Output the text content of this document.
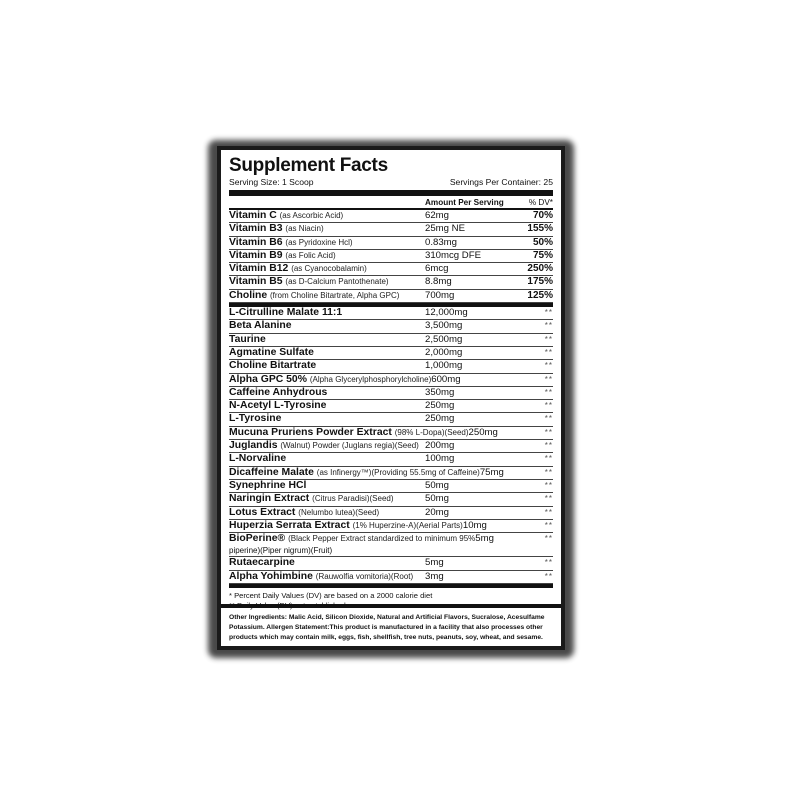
Supplement Facts
Serving Size: 1 Scoop	Servings Per Container: 25
Amount Per Serving	% DV*
Vitamin C (as Ascorbic Acid)	62mg	70%
Vitamin B3 (as Niacin)	25mg NE	155%
Vitamin B6 (as Pyridoxine Hcl)	0.83mg	50%
Vitamin B9 (as Folic Acid)	310mcg DFE	75%
Vitamin B12 (as Cyanocobalamin)	6mcg	250%
Vitamin B5 (as D-Calcium Pantothenate)	8.8mg	175%
Choline (from Choline Bitartrate, Alpha GPC)	700mg	125%
L-Citrulline Malate 11:1	12,000mg	**
Beta Alanine	3,500mg	**
Taurine	2,500mg	**
Agmatine Sulfate	2,000mg	**
Choline Bitartrate	1,000mg	**
Alpha GPC 50% (Alpha Glycerylphosphorylcholine) 600mg	**
Caffeine Anhydrous	350mg	**
N-Acetyl L-Tyrosine	250mg	**
L-Tyrosine	250mg	**
Mucuna Pruriens Powder Extract (98% L-Dopa)(Seed) 250mg	**
Juglandis (Walnut) Powder (Juglans regia)(Seed) 200mg	**
L-Norvaline	100mg	**
Dicaffeine Malate (as Infinergy™)(Providing 55.5mg of Caffeine) 75mg	**
Synephrine HCl	50mg	**
Naringin Extract (Citrus Paradisi)(Seed)	50mg	**
Lotus Extract (Nelumbo lutea)(Seed)	20mg	**
Huperzia Serrata Extract (1% Huperzine-A)(Aerial Parts) 10mg	**
BioPerine® (Black Pepper Extract standardized to minimum 95% 5mg	**
piperine)(Piper nigrum)(Fruit)
Rutaecarpine	5mg	**
Alpha Yohimbine (Rauwolfia vomitoria)(Root)	3mg	**
* Percent Daily Values (DV) are based on a 2000 calorie diet
** Daily Value (DV) not established
Other Ingredients: Malic Acid, Silicon Dioxide, Natural and Artificial Flavors, Sucralose, Acesulfame Potassium. Allergen Statement:This product is manufactured in a facility that also processes other products which may contain milk, eggs, fish, shellfish, tree nuts, peanuts, soy, wheat, and sesame.
